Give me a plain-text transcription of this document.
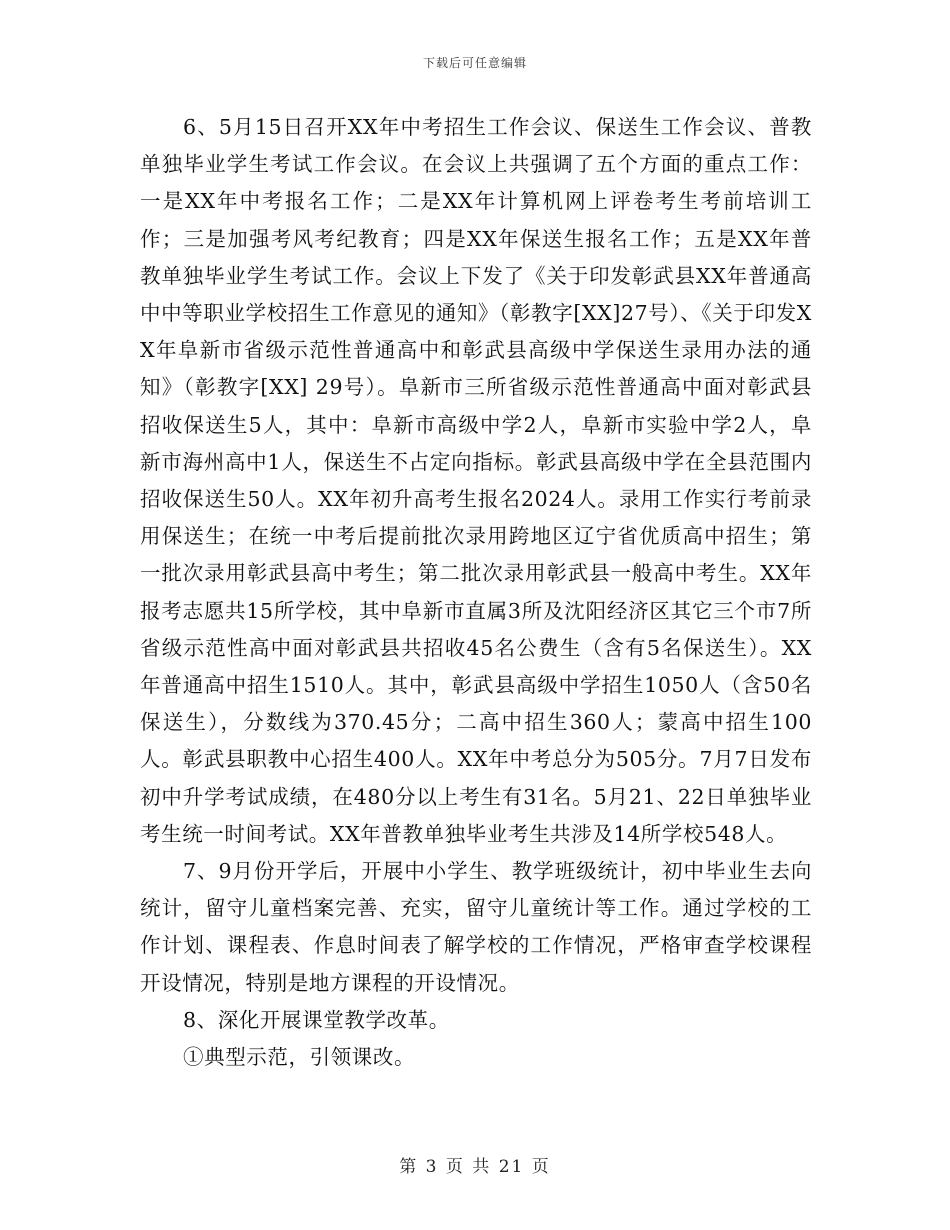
下载后可任意编辑

6、5月15日召开XX年中考招生工作会议、保送生工作会议、普教单独毕业学生考试工作会议。在会议上共强调了五个方面的重点工作：一是XX年中考报名工作；二是XX年计算机网上评卷考生考前培训工作；三是加强考风考纪教育；四是XX年保送生报名工作；五是XX年普教单独毕业学生考试工作。会议上下发了《关于印发彰武县XX年普通高中中等职业学校招生工作意见的通知》（彰教字[XX]27号）、《关于印发XX年阜新市省级示范性普通高中和彰武县高级中学保送生录用办法的通知》（彰教字[XX] 29号）。阜新市三所省级示范性普通高中面对彰武县招收保送生5人，其中：阜新市高级中学2人，阜新市实验中学2人，阜新市海州高中1人，保送生不占定向指标。彰武县高级中学在全县范围内招收保送生50人。XX年初升高考生报名2024人。录用工作实行考前录用保送生；在统一中考后提前批次录用跨地区辽宁省优质高中招生；第一批次录用彰武县高中考生；第二批次录用彰武县一般高中考生。XX年报考志愿共15所学校，其中阜新市直属3所及沈阳经济区其它三个市7所省级示范性高中面对彰武县共招收45名公费生（含有5名保送生）。XX年普通高中招生1510人。其中，彰武县高级中学招生1050人（含50名保送生），分数线为370.45分；二高中招生360人；蒙高中招生100人。彰武县职教中心招生400人。XX年中考总分为505分。7月7日发布初中升学考试成绩，在480分以上考生有31名。5月21、22日单独毕业考生统一时间考试。XX年普教单独毕业考生共涉及14所学校548人。

7、9月份开学后，开展中小学生、教学班级统计，初中毕业生去向统计，留守儿童档案完善、充实，留守儿童统计等工作。通过学校的工作计划、课程表、作息时间表了解学校的工作情况，严格审查学校课程开设情况，特别是地方课程的开设情况。

8、深化开展课堂教学改革。

①典型示范，引领课改。

第 3 页 共 21 页
